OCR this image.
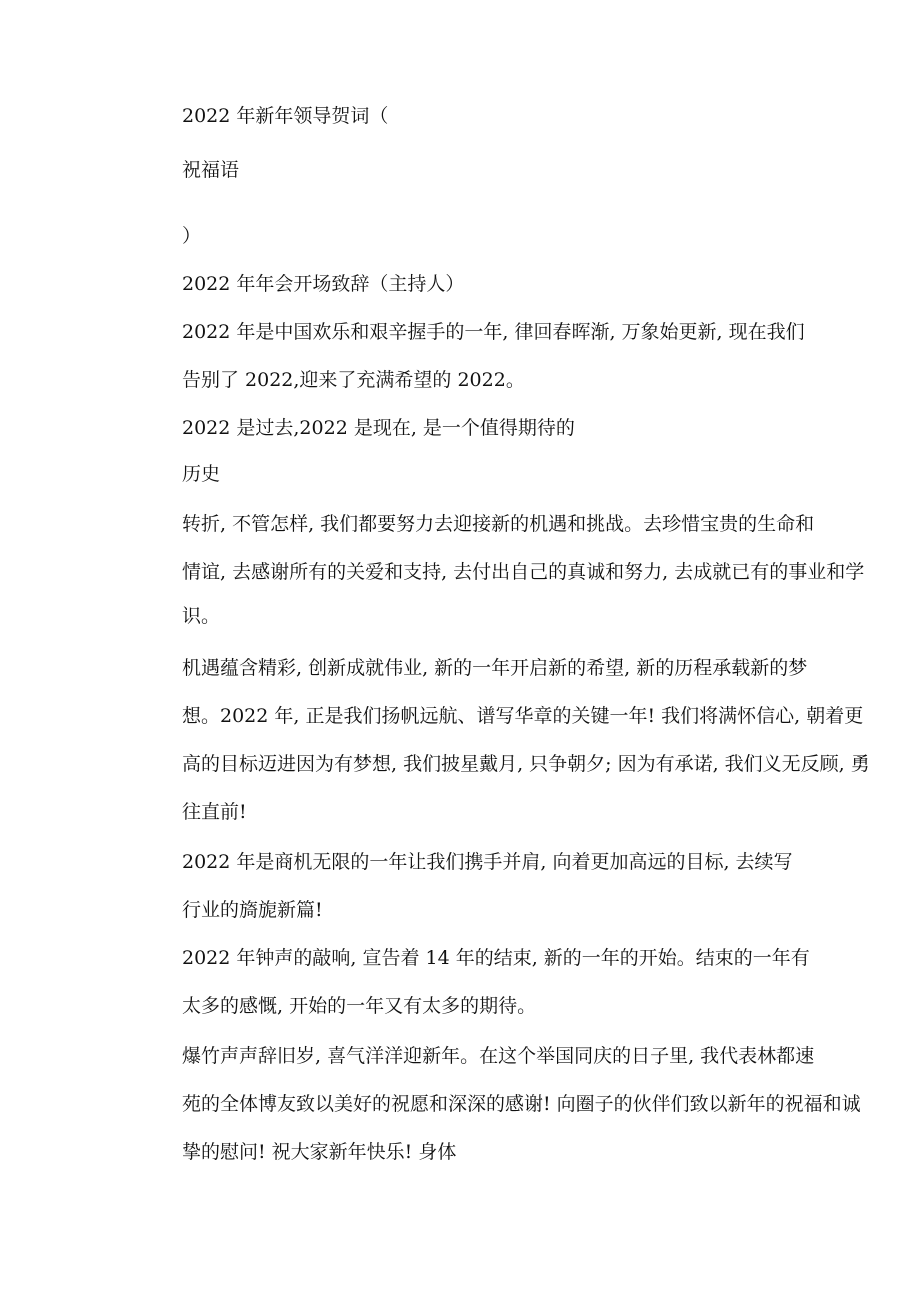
2022 年新年领导贺词（

祝福语

）

2022 年年会开场致辞（主持人）

2022 年是中国欢乐和艰辛握手的一年, 律回春晖渐, 万象始更新, 现在我们

告别了 2022,迎来了充满希望的 2022。

2022 是过去,2022 是现在, 是一个值得期待的

历史

转折, 不管怎样, 我们都要努力去迎接新的机遇和挑战。去珍惜宝贵的生命和

情谊, 去感谢所有的关爱和支持, 去付出自己的真诚和努力, 去成就已有的事业和学

识。

机遇蕴含精彩, 创新成就伟业, 新的一年开启新的希望, 新的历程承载新的梦

想。2022 年, 正是我们扬帆远航、谱写华章的关键一年! 我们将满怀信心, 朝着更

高的目标迈进因为有梦想, 我们披星戴月, 只争朝夕; 因为有承诺, 我们义无反顾, 勇

往直前!

2022 年是商机无限的一年让我们携手并肩, 向着更加高远的目标, 去续写

行业的旖旎新篇!

2022 年钟声的敲响, 宣告着 14 年的结束, 新的一年的开始。结束的一年有

太多的感慨, 开始的一年又有太多的期待。

爆竹声声辞旧岁, 喜气洋洋迎新年。在这个举国同庆的日子里, 我代表林都速

苑的全体博友致以美好的祝愿和深深的感谢! 向圈子的伙伴们致以新年的祝福和诚

挚的慰问! 祝大家新年快乐! 身体
